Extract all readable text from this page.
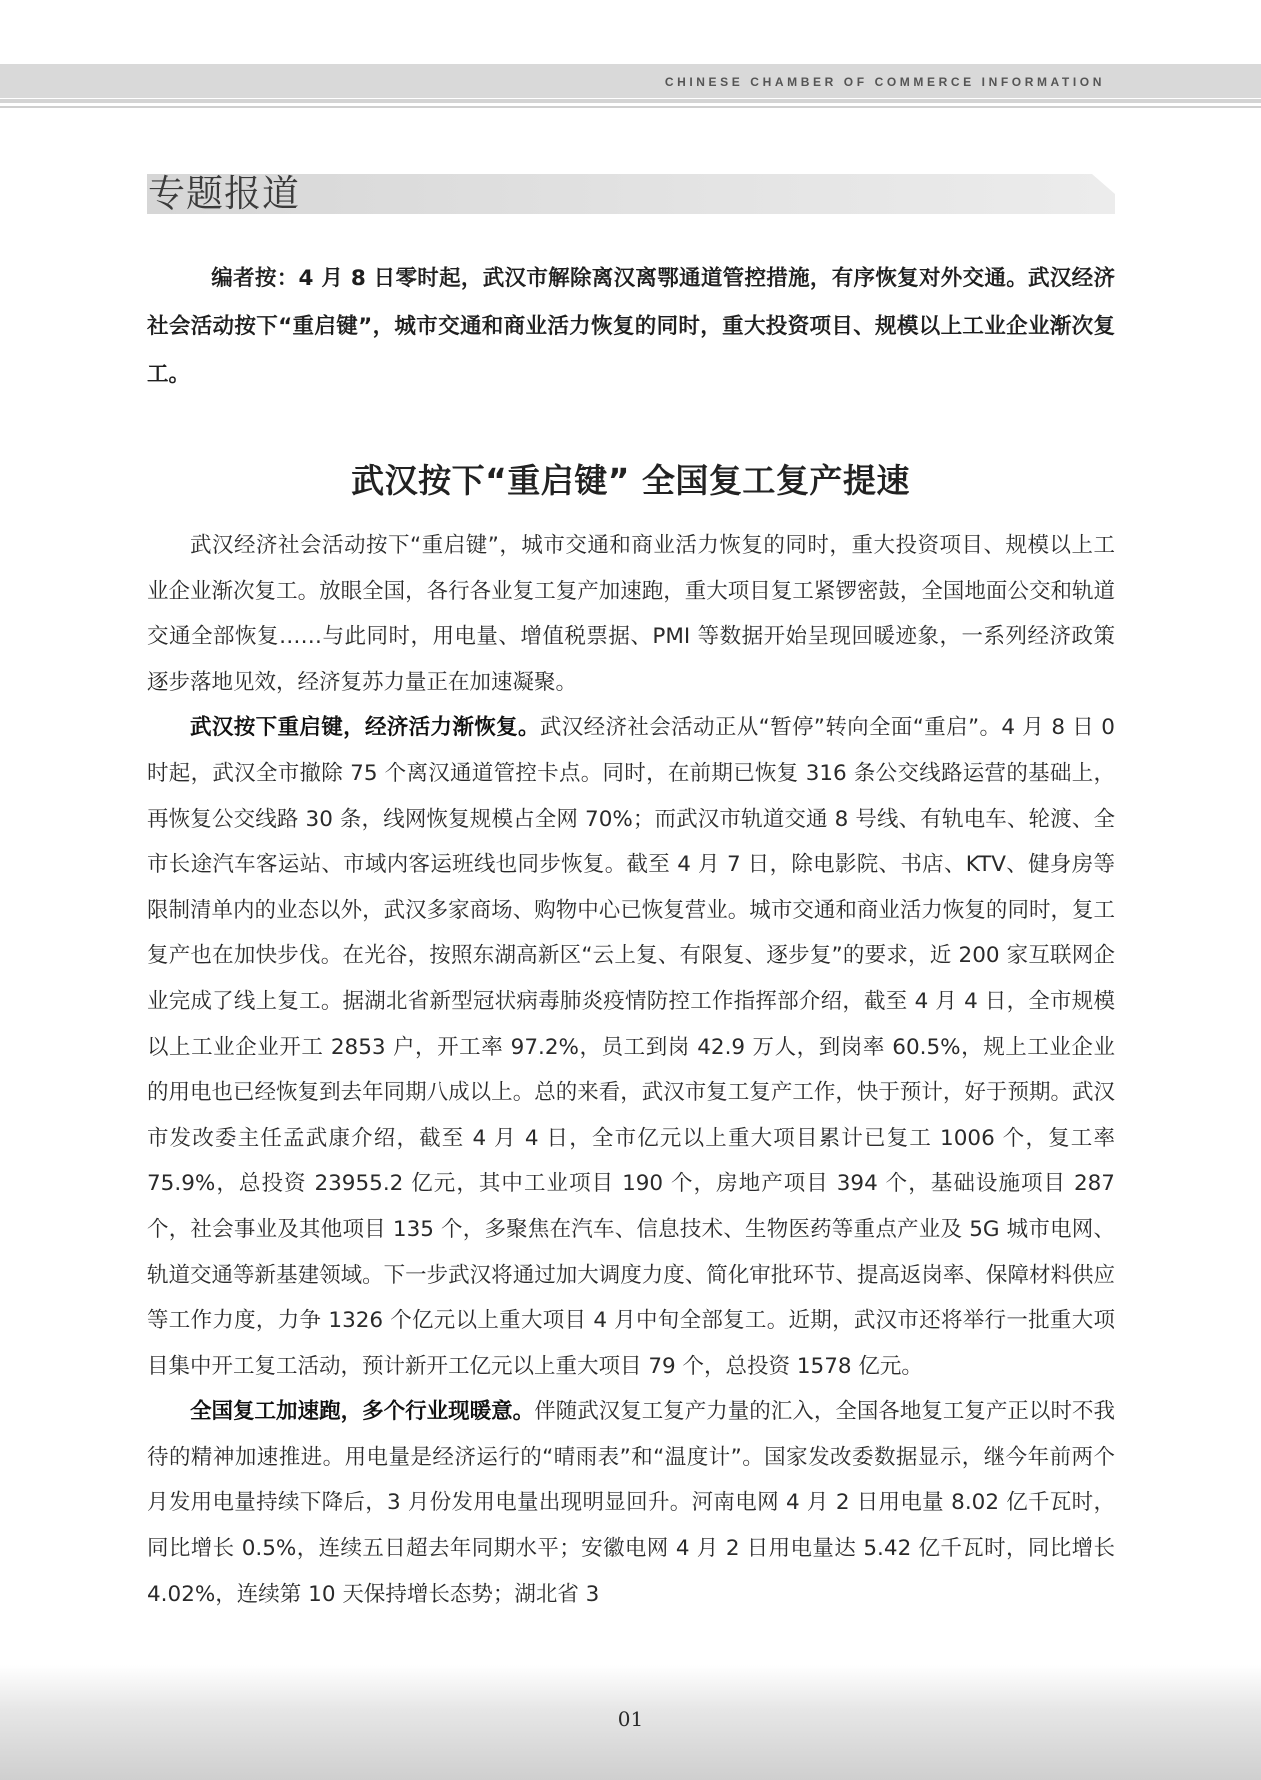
CHINESE CHAMBER OF COMMERCE INFORMATION
专题报道

编者按：4 月 8 日零时起，武汉市解除离汉离鄂通道管控措施，有序恢复对外交通。武汉经济社会活动按下“重启键”，城市交通和商业活力恢复的同时，重大投资项目、规模以上工业企业渐次复工。

武汉按下“重启键” 全国复工复产提速

武汉经济社会活动按下“重启键”，城市交通和商业活力恢复的同时，重大投资项目、规模以上工业企业渐次复工。放眼全国，各行各业复工复产加速跑，重大项目复工紧锣密鼓，全国地面公交和轨道交通全部恢复……与此同时，用电量、增值税票据、PMI 等数据开始呈现回暖迹象，一系列经济政策逐步落地见效，经济复苏力量正在加速凝聚。

武汉按下重启键，经济活力渐恢复。武汉经济社会活动正从“暂停”转向全面“重启”。4 月 8 日 0 时起，武汉全市撤除 75 个离汉通道管控卡点。同时，在前期已恢复 316 条公交线路运营的基础上，再恢复公交线路 30 条，线网恢复规模占全网 70%；而武汉市轨道交通 8 号线、有轨电车、轮渡、全市长途汽车客运站、市域内客运班线也同步恢复。截至 4 月 7 日，除电影院、书店、KTV、健身房等限制清单内的业态以外，武汉多家商场、购物中心已恢复营业。城市交通和商业活力恢复的同时，复工复产也在加快步伐。在光谷，按照东湖高新区“云上复、有限复、逐步复”的要求，近 200 家互联网企业完成了线上复工。据湖北省新型冠状病毒肺炎疫情防控工作指挥部介绍，截至 4 月 4 日，全市规模以上工业企业开工 2853 户，开工率 97.2%，员工到岗 42.9 万人，到岗率 60.5%，规上工业企业的用电也已经恢复到去年同期八成以上。总的来看，武汉市复工复产工作，快于预计，好于预期。武汉市发改委主任孟武康介绍，截至 4 月 4 日，全市亿元以上重大项目累计已复工 1006 个，复工率 75.9%，总投资 23955.2 亿元，其中工业项目 190 个，房地产项目 394 个，基础设施项目 287 个，社会事业及其他项目 135 个，多聚焦在汽车、信息技术、生物医药等重点产业及 5G 城市电网、轨道交通等新基建领域。下一步武汉将通过加大调度力度、简化审批环节、提高返岗率、保障材料供应等工作力度，力争 1326 个亿元以上重大项目 4 月中旬全部复工。近期，武汉市还将举行一批重大项目集中开工复工活动，预计新开工亿元以上重大项目 79 个，总投资 1578 亿元。

全国复工加速跑，多个行业现暖意。伴随武汉复工复产力量的汇入，全国各地复工复产正以时不我待的精神加速推进。用电量是经济运行的“晴雨表”和“温度计”。国家发改委数据显示，继今年前两个月发用电量持续下降后，3 月份发用电量出现明显回升。河南电网 4 月 2 日用电量 8.02 亿千瓦时，同比增长 0.5%，连续五日超去年同期水平；安徽电网 4 月 2 日用电量达 5.42 亿千瓦时，同比增长 4.02%，连续第 10 天保持增长态势；湖北省 3

01
